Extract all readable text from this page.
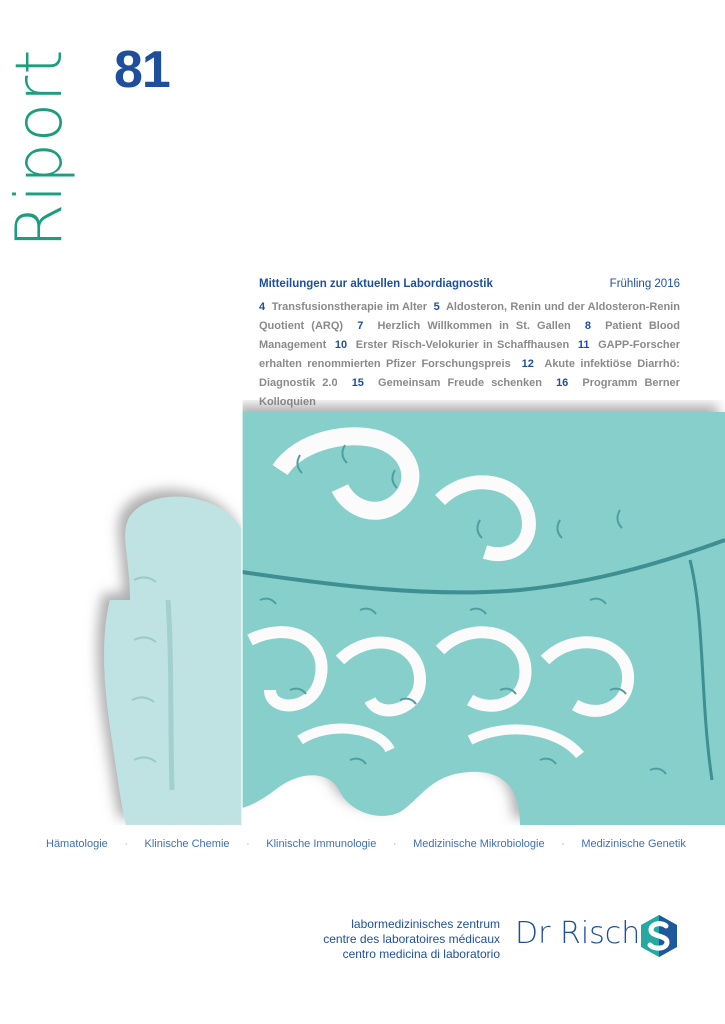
Riport 81
Mitteilungen zur aktuellen Labordiagnostik	Frühling 2016

4 Transfusionstherapie im Alter 5 Aldosteron, Renin und der Aldosteron-Renin Quotient (ARQ) 7 Herzlich Willkommen in St. Gallen 8 Patient Blood Management 10 Erster Risch-Velokurier in Schaffhausen 11 GAPP-Forscher erhalten renommierten Pfizer Forschungspreis 12 Akute infektiöse Diarrhö: Diagnostik 2.0 15 Gemeinsam Freude schenken 16 Programm Berner Kolloquien

Hämatologie · Klinische Chemie · Klinische Immunologie · Medizinische Mikrobiologie · Medizinische Genetik
labormedizinisches zentrum
centre des laboratoires médicaux
centro medicina di laboratorio
Dr Risch
